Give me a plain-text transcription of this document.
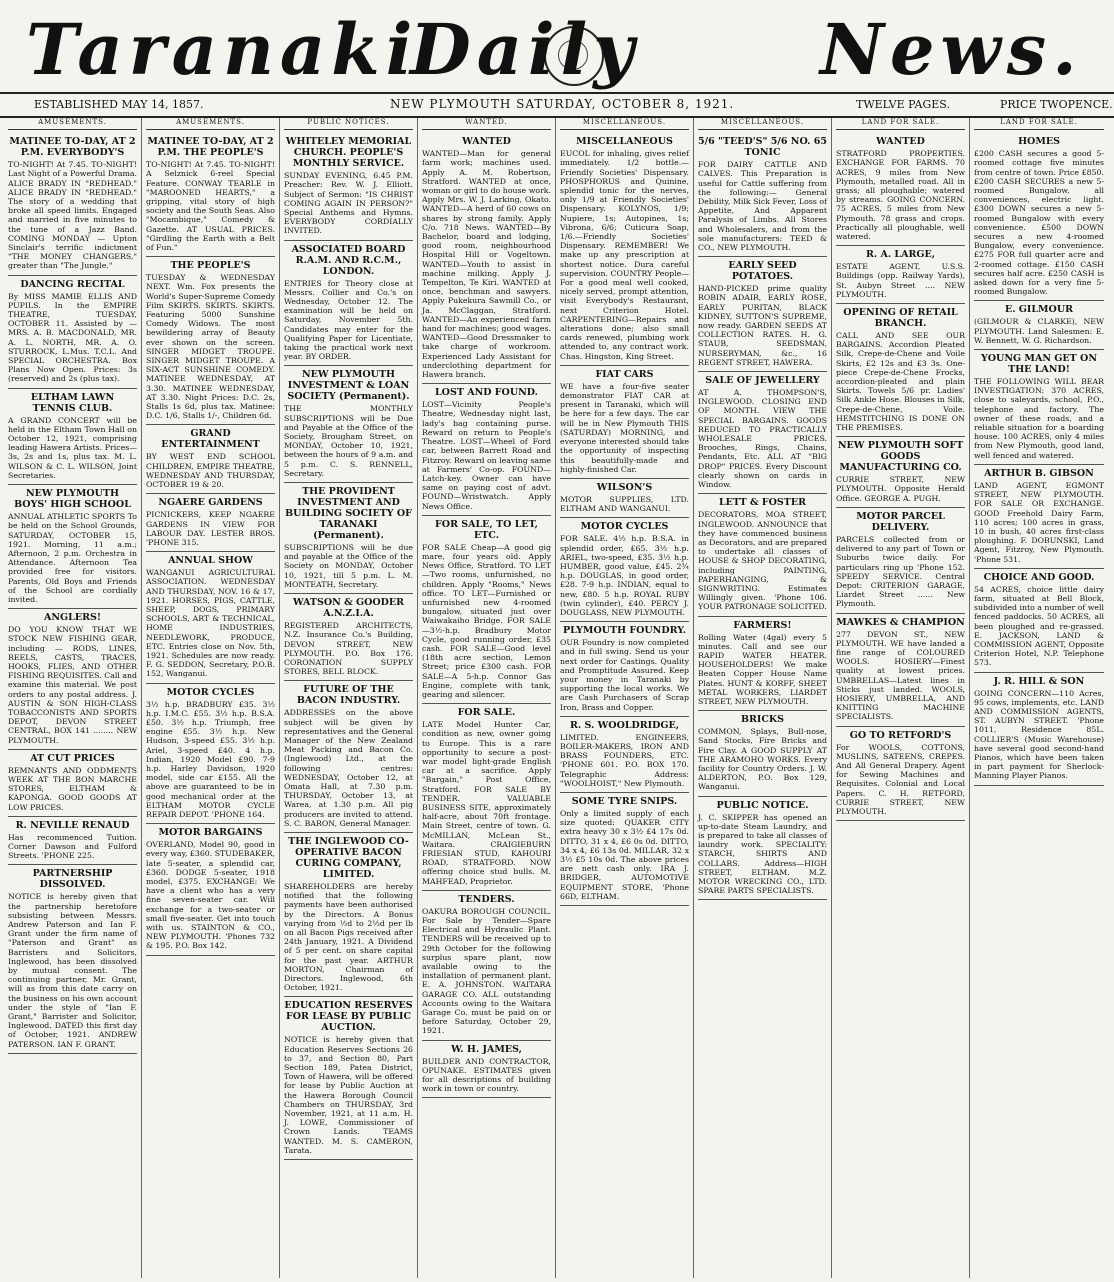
Taranaki
Daily	News.
ESTABLISHED MAY 14, 1857.	NEW PLYMOUTH SATURDAY, OCTOBER 8, 1921.	TWELVE PAGES.	PRICE TWOPENCE.
AMUSEMENTS.
MATINEE TO-DAY, AT 2 P.M. EVERYBODY'S
TO-NIGHT! At 7.45. TO-NIGHT! Last Night of a Powerful Drama. ALICE BRADY IN "REDHEAD." ALICE BRADY IN "REDHEAD." The story of a wedding that broke all speed limits. Engaged and married in five minutes to the tune of a Jazz Band. COMING MONDAY — Upton Sinclair's terrific indictment "THE MONEY CHANGERS," greater than "The Jungle."
DANCING RECITAL
By MISS MAMIE ELLIS AND PUPILS. In the EMPIRE THEATRE, TUESDAY, OCTOBER 11. Assisted by — MRS. A. B. MACDONALD, MR. A. L. NORTH, MR. A. O. STURROCK, L.Mus. T.C.L. And SPECIAL ORCHESTRA. Box Plans Now Open. Prices: 3s (reserved) and 2s (plus tax).
ELTHAM LAWN TENNIS CLUB.
A GRAND CONCERT will be held in the Eltham Town Hall on October 12, 1921, comprising leading Hawera Artists. Prices—3s, 2s and 1s, plus tax. M. L. WILSON & C. L. WILSON, Joint Secretaries.
NEW PLYMOUTH BOYS' HIGH SCHOOL
ANNUAL ATHLETIC SPORTS To be held on the School Grounds, SATURDAY, OCTOBER 15, 1921. Morning, 11 a.m.; Afternoon, 2 p.m. Orchestra in Attendance. Afternoon Tea provided free for visitors. Parents, Old Boys and Friends of the School are cordially invited.
ANGLERS!
DO YOU KNOW THAT WE STOCK NEW FISHING GEAR, including — RODS, LINES, REELS, CASTS, TRACES, HOOKS, FLIES, AND OTHER FISHING REQUISITES. Call and examine this material. We post orders to any postal address. J. AUSTIN & SON HIGH-CLASS TOBACCONISTS AND SPORTS DEPOT, DEVON STREET CENTRAL, BOX 141 ........ NEW PLYMOUTH.
AT CUT PRICES
REMNANTS AND ODDMENTS WEEK AT THE BON MARCHE STORES, ELTHAM & KAPONGA. GOOD GOODS AT LOW PRICES.
R. NEVILLE RENAUD
Has recommenced Tuition. Corner Dawson and Fulford Streets. 'PHONE 225.
PARTNERSHIP DISSOLVED.
NOTICE is hereby given that the partnership heretofore subsisting between Messrs. Andrew Paterson and Ian F. Grant under the firm name of "Paterson and Grant" as Barristers and Solicitors, Inglewood, has been dissolved by mutual consent. The continuing partner, Mr. Grant, will as from this date carry on the business on his own account under the style of "Ian F. Grant," Barrister and Solicitor, Inglewood. DATED this first day of October, 1921. ANDREW PATERSON. IAN F. GRANT.
AMUSEMENTS.
MATINEE TO-DAY, AT 2 P.M. THE PEOPLE'S
TO-NIGHT! At 7.45. TO-NIGHT! A Selznick 6-reel Special Feature. CONWAY TEARLE in "MAROONED HEARTS," a gripping, vital story of high society and the South Seas. Also "Mocambique," Comedy & Gazette. AT USUAL PRICES. "Girdling the Earth with a Belt of Fun."
THE PEOPLE'S
TUESDAY & WEDNESDAY NEXT. Wm. Fox presents the World's Super-Supreme Comedy Film SKIRTS. SKIRTS. SKIRTS. Featuring 5000 Sunshine Comedy Widows. The most bewildering array of Beauty ever shown on the screen. SINGER MIDGET TROUPE. SINGER MIDGET TROUPE. A SIX-ACT SUNSHINE COMEDY. MATINEE WEDNESDAY, AT 3.30. MATINEE WEDNESDAY, AT 3.30. Night Prices: D.C. 2s, Stalls 1s 6d, plus tax. Matinee: D.C. 1/6, Stalls 1/-, Children 6d.
GRAND ENTERTAINMENT
BY WEST END SCHOOL CHILDREN, EMPIRE THEATRE, WEDNESDAY AND THURSDAY, OCTOBER 19 & 20.
NGAERE GARDENS
PICNICKERS, KEEP NGAERE GARDENS IN VIEW FOR LABOUR DAY. LESTER BROS. 'PHONE 315.
ANNUAL SHOW
WANGANUI AGRICULTURAL ASSOCIATION. WEDNESDAY AND THURSDAY, NOV. 16 & 17, 1921. HORSES, PIGS, CATTLE, SHEEP, DOGS, PRIMARY SCHOOLS, ART & TECHNICAL, HOME INDUSTRIES, NEEDLEWORK, PRODUCE, ETC. Entries close on Nov. 5th, 1921. Schedules are now ready. F. G. SEDDON, Secretary, P.O.B. 152, Wanganui.
MOTOR CYCLES
3½ h.p. BRADBURY £35. 3½ h.p. I.M.C. £55. 3½ h.p. B.S.A. £50. 3½ h.p. Triumph, free engine £55. 3½ h.p. New Hudson, 3-speed £55. 3½ h.p. Ariel, 3-speed £40. 4 h.p. Indian, 1920 Model £90. 7-9 h.p. Harley Davidson, 1920 model, side car £155. All the above are guaranteed to be in good mechanical order at the ELTHAM MOTOR CYCLE REPAIR DEPOT. 'PHONE 164.
MOTOR BARGAINS
OVERLAND, Model 90, good in every way, £360. STUDEBAKER, late 5-seater, a splendid car, £360. DODGE 5-seater, 1918 model, £375. EXCHANGE: We have a client who has a very fine seven-seater car. Will exchange for a two-seater or small five-seater. Get into touch with us. STAINTON & CO., NEW PLYMOUTH. 'Phones 732 & 195. P.O. Box 142.
PUBLIC NOTICES.
WHITELEY MEMORIAL CHURCH. PEOPLE'S MONTHLY SERVICE.
SUNDAY EVENING, 6.45 P.M. Preacher: Rev. W. J. Elliott. Subject of Sermon: "IS CHRIST COMING AGAIN IN PERSON?" Special Anthems and Hymns. EVERYBODY CORDIALLY INVITED.
ASSOCIATED BOARD R.A.M. AND R.C.M., LONDON.
ENTRIES for Theory close at Messrs. Collier and Co.'s on Wednesday, October 12. The examination will be held on Saturday, November 5th. Candidates may enter for the Qualifying Paper for Licentiate, taking the practical work next year. BY ORDER.
NEW PLYMOUTH INVESTMENT & LOAN SOCIETY (Permanent).
THE MONTHLY SUBSCRIPTIONS will be Due and Payable at the Office of the Society, Brougham Street, on MONDAY, October 10, 1921, between the hours of 9 a.m. and 5 p.m. C. S. RENNELL, Secretary.
THE PROVIDENT INVESTMENT AND BUILDING SOCIETY OF TARANAKI (Permanent).
SUBSCRIPTIONS will be due and payable at the Office of the Society on MONDAY, October 10, 1921, till 5 p.m. L. M. MONTEATH, Secretary.
WATSON & GOODER A.N.Z.I.A.
REGISTERED ARCHITECTS, N.Z. Insurance Co.'s Building, DEVON STREET, NEW PLYMOUTH. P.O. Box 176. CORONATION SUPPLY STORES, BELL BLOCK.
FUTURE OF THE BACON INDUSTRY.
ADDRESSES on the above subject will be given by representatives and the General Manager of the New Zealand Meat Packing and Bacon Co. (Inglewood) Ltd., at the following centres: WEDNESDAY, October 12, at Omata Hall, at 7.30 p.m. THURSDAY, October 13, at Warea, at 1.30 p.m. All pig producers are invited to attend. S. C. BARON, General Manager.
THE INGLEWOOD CO-OPERATIVE BACON CURING COMPANY, LIMITED.
SHAREHOLDERS are hereby notified that the following payments have been authorised by the Directors. A Bonus varying from ½d to 2½d per lb on all Bacon Pigs received after 24th January, 1921. A Dividend of 5 per cent. on share capital for the past year. ARTHUR MORTON, Chairman of Directors. Inglewood, 6th October, 1921.
EDUCATION RESERVES FOR LEASE BY PUBLIC AUCTION.
NOTICE is hereby given that Education Reserves Sections 26 to 37, and Section 80, Part Section 189, Patea District, Town of Hawera, will be offered for lease by Public Auction at the Hawera Borough Council Chambers on THURSDAY, 3rd November, 1921, at 11 a.m. H. J. LOWE, Commissioner of Crown Lands. TEAMS WANTED. M. S. CAMERON, Tarata.
WANTED.
WANTED
WANTED—Man for general farm work; machines used. Apply A. M. Robertson, Stratford. WANTED at once, woman or girl to do house work. Apply Mrs. W. J. Larking, Okato. WANTED—A herd of 60 cows on shares by strong family. Apply C/o. 718 News. WANTED—By Bachelor, board and lodging, good room, neighbourhood Hospital Hill or Vogeltown. WANTED—Youth to assist in machine milking. Apply J. Tempelton, Te Kiri. WANTED at once, benchman and sawyers. Apply Pukekura Sawmill Co., or Ja. McClaggan, Stratford. WANTED—An experienced farm hand for machines; good wages. WANTED—Good Dressmaker to take charge of workroom. Experienced Lady Assistant for underclothing department for Hawera branch.
LOST AND FOUND.
LOST—Vicinity People's Theatre, Wednesday night last, lady's bag containing purse. Reward on return to People's Theatre. LOST—Wheel of Ford car, between Barrett Road and Fitzroy. Reward on leaving same at Farmers' Co-op. FOUND—Latch-key. Owner can have same on paying cost of advt. FOUND—Wristwatch. Apply News Office.
FOR SALE, TO LET, ETC.
FOR SALE Cheap—A good gig mare, four years old. Apply News Office, Stratford. TO LET—Two rooms, unfurnished, no children. Apply "Rooms," News office. TO LET—Furnished or unfurnished new 4-roomed bungalow, situated just over Waiwakaiho Bridge. FOR SALE—3½-h.p. Bradbury Motor Cycle, good running order, £35 cash. FOR SALE—Good level (18th acre section, Lemon Street; price £300 cash. FOR SALE—A 5-h.p. Connor Gas Engine, complete with tank, gearing and silencer.
FOR SALE.
LATE Model Hunter Car, condition as new, owner going to Europe. This is a rare opportunity to secure a post-war model light-grade English car at a sacrifice. Apply "Bargain," Post Office, Stratford. FOR SALE BY TENDER. VALUABLE BUSINESS SITE, approximately half-acre, about 70ft frontage. Main Street, centre of town. G. McMILLAN, McLean St., Waitara. CRAIGIEBURN FRIESIAN STUD, KAHOURI ROAD, STRATFORD. NOW offering choice stud bulls. M. MAHFEAD, Proprietor.
TENDERS.
OAKURA BOROUGH COUNCIL. For Sale by Tender—Spare Electrical and Hydraulic Plant. TENDERS will be received up to 29th October for the following surplus spare plant, now available owing to the installation of permanent plant. E. A. JOHNSTON. WAITARA GARAGE CO. ALL outstanding Accounts owing to the Waitara Garage Co. must be paid on or before Saturday, October 29, 1921.
W. H. JAMES,
BUILDER AND CONTRACTOR, OPUNAKE. ESTIMATES given for all descriptions of building work in town or country.
MISCELLANEOUS.
MISCELLANEOUS
EUCOL for inhaling, gives relief immediately. 1/2 bottle.—Friendly Societies' Dispensary. PHOSPHORUS and Quinine, splendid tonic for the nerves, only 1/9 at Friendly Societies' Dispensary. KOLYNOS, 1/9; Nupiere, 1s; Autopines, 1s; Vibrona, 6/6; Cuticura Soap, 1/6.—Friendly Societies' Dispensary. REMEMBER! We make up any prescription at shortest notice. Dura careful supervision. COUNTRY People—For a good meal well cooked, nicely served, prompt attention, visit Everybody's Restaurant, next Criterion Hotel. CARPENTERING—Repairs and alterations done; also small cards renewed, plumbing work attended to, any contract work. Chas. Hingston, King Street.
FIAT CARS
WE have a four-five seater demonstrator FIAT CAR at present in Taranaki, which will be here for a few days. The car will be in New Plymouth THIS (SATURDAY) MORNING, and everyone interested should take the opportunity of inspecting this beautifully-made and highly-finished Car.
WILSON'S
MOTOR SUPPLIES, LTD. ELTHAM AND WANGANUI.
MOTOR CYCLES
FOR SALE. 4½ h.p. B.S.A. in splendid order, £65. 3½ h.p. ARIEL, two-speed, £35. 3½ h.p. HUMBER, good value, £45. 2¾ h.p. DOUGLAS, in good order, £28. 7-9 h.p. INDIAN, equal to new, £80. 5 h.p. ROYAL RUBY (twin cylinder), £40. PERCY J. DOUGLASS, NEW PLYMOUTH.
PLYMOUTH FOUNDRY.
OUR Foundry is now completed and in full swing. Send us your next order for Castings. Quality and Promptitude Assured. Keep your money in Taranaki by supporting the local works. We are Cash Purchasers of Scrap Iron, Brass and Copper.
R. S. WOOLDRIDGE,
LIMITED. ENGINEERS, BOILER-MAKERS, IRON AND BRASS FOUNDERS, ETC. 'PHONE 601. P.O. BOX 170. Telegraphic Address: "WOOLHOIST," New Plymouth.
SOME TYRE SNIPS.
Only a limited supply of each size quoted: QUAKER CITY extra heavy 30 x 3½ £4 17s 0d. DITTO, 31 x 4, £6 0s 0d. DITTO, 34 x 4, £6 13s 0d. MILLAR, 32 x 3½ £5 10s 0d. The above prices are nett cash only. IRA J. BRIDGER, AUTOMOTIVE EQUIPMENT STORE, 'Phone 66D, ELTHAM.
MISCELLANEOUS.
5/6 "TEED'S" 5/6 NO. 65 TONIC
FOR DAIRY CATTLE AND CALVES. This Preparation is useful for Cattle suffering from the following:— General Debility, Milk Sick Fever, Loss of Appetite, And Apparent Paralysis of Limbs. All Stores and Wholesalers, and from the sole manufacturers: TEED & CO., NEW PLYMOUTH.
EARLY SEED POTATOES.
HAND-PICKED prime quality ROBIN ADAIR, EARLY ROSE, EARLY PURITAN, BLACK KIDNEY, SUTTON'S SUPREME, now ready. GARDEN SEEDS AT COLLECTION RATES. H. G. STAUB, SEEDSMAN, NURSERYMAN, &c., 16 REGENT STREET, HAWERA.
SALE OF JEWELLERY
AT A. THOMPSON'S, INGLEWOOD. CLOSING END OF MONTH. VIEW THE SPECIAL BARGAINS. GOODS REDUCED TO PRACTICALLY WHOLESALE PRICES. Brooches, Rings, Chains, Pendants, Etc. ALL AT "BIG DROP" PRICES. Every Discount clearly shown on cards in Window.
LETT & FOSTER
DECORATORS, MOA STREET, INGLEWOOD. ANNOUNCE that they have commenced business as Decorators, and are prepared to undertake all classes of HOUSE & SHOP DECORATING, including PAINTING, PAPERHANGING, & SIGNWRITING. Estimates Willingly given. 'Phone 106. YOUR PATRONAGE SOLICITED.
FARMERS!
Rolling Water (4gal) every 5 minutes. Call and see our RAPID WATER HEATER. HOUSEHOLDERS! We make Beaten Copper House Name Plates. HUNT & KORFF, SHEET METAL WORKERS, LIARDET STREET, NEW PLYMOUTH.
BRICKS
COMMON, Splays, Bull-nose, Sand Stocks, Fire Bricks and Fire Clay. A GOOD SUPPLY AT THE ARAMOHO WORKS. Every facility for Country Orders. J. W. ALDERTON, P.O. Box 129, Wanganui.
PUBLIC NOTICE.
J. C. SKIPPER has opened an up-to-date Steam Laundry, and is prepared to take all classes of laundry work. SPECIALITY: STARCH, SHIRTS AND COLLARS. Address—HIGH STREET, ELTHAM. M.Z. MOTOR WRECKING CO., LTD. SPARE PARTS SPECIALISTS.
LAND FOR SALE.
WANTED
STRATFORD PROPERTIES. EXCHANGE FOR FARMS. 70 ACRES, 9 miles from New Plymouth, metalled road. All in grass; all ploughable; watered by streams. GOING CONCERN. 75 ACRES, 5 miles from New Plymouth. 78 grass and crops. Practically all ploughable, well watered.
R. A. LARGE,
ESTATE AGENT, U.S.S. Buildings (opp. Railway Yards), St. Aubyn Street .... NEW PLYMOUTH.
OPENING OF RETAIL BRANCH.
CALL AND SEE OUR BARGAINS. Accordion Pleated Silk, Crepe-de-Chene and Voile Skirts, £2 12s and £3 3s. One-piece Crepe-de-Chene Frocks, accordion-pleated and plain Skirts. Towels 5/6 pr. Ladies' Silk Ankle Hose. Blouses in Silk, Crepe-de-Chene, Voile. HEMSTITCHING IS DONE ON THE PREMISES.
NEW PLYMOUTH SOFT GOODS MANUFACTURING CO.
CURRIE STREET, NEW PLYMOUTH. Opposite Herald Office. GEORGE A. PUGH.
MOTOR PARCEL DELIVERY.
PARCELS collected from or delivered to any part of Town or Suburbs twice daily. For particulars ring up 'Phone 152. SPEEDY SERVICE. Central Depot: CRITERION GARAGE, Liardet Street ...... New Plymouth.
MAWKES & CHAMPION
277 DEVON ST., NEW PLYMOUTH. WE have landed a fine range of COLOURED WOOLS. HOSIERY—Finest quality at lowest prices. UMBRELLAS—Latest lines in Sticks just landed. WOOLS, HOSIERY, UMBRELLA, AND KNITTING MACHINE SPECIALISTS.
GO TO RETFORD'S
For WOOLS, COTTONS, MUSLINS, SATEENS, CREPES. And All General Drapery. Agent for Sewing Machines and Requisites. Colonial and Local Papers. C. H. RETFORD, CURRIE STREET, NEW PLYMOUTH.
LAND FOR SALE.
HOMES
£200 CASH secures a good 5-roomed cottage five minutes from centre of town. Price £850. £200 CASH SECURES a new 5-roomed Bungalow, all conveniences, electric light. £300 DOWN secures a new 5-roomed Bungalow with every convenience. £500 DOWN secures a new 4-roomed Bungalow, every convenience. £275 FOR full quarter acre and 2-roomed cottage. £150 CASH secures half acre. £250 CASH is asked down for a very fine 5-roomed Bungalow.
E. GILMOUR
(GILMOUR & CLARKE), NEW PLYMOUTH. Land Salesmen: E. W. Bennett, W. G. Richardson.
YOUNG MAN GET ON THE LAND!
THE FOLLOWING WILL BEAR INVESTIGATION: 370 ACRES, close to saleyards, school, P.O., telephone and factory. The owner of these roads, and a reliable situation for a boarding house. 100 ACRES, only 4 miles from New Plymouth, good land, well fenced and watered.
ARTHUR B. GIBSON
LAND AGENT, EGMONT STREET, NEW PLYMOUTH. FOR SALE OR EXCHANGE. GOOD Freehold Dairy Farm, 110 acres; 100 acres in grass, 10 in bush, 40 acres first-class ploughing. F. DOBUNSKI, Land Agent, Fitzroy, New Plymouth. 'Phone 531.
CHOICE AND GOOD.
54 ACRES, choice little dairy farm, situated at Bell Block, subdivided into a number of well fenced paddocks. 50 ACRES, all been ploughed and re-grassed. E. JACKSON, LAND & COMMISSION AGENT, Opposite Criterion Hotel, N.P. Telephone 573.
J. R. HILL & SON
GOING CONCERN—110 Acres, 95 cows, implements, etc. LAND AND COMMISSION AGENTS, ST. AUBYN STREET. 'Phone 1011, Residence 85L. COLLIER'S (Music Warehouse) have several good second-hand Pianos, which have been taken in part payment for Sherlock-Manning Player Pianos.
